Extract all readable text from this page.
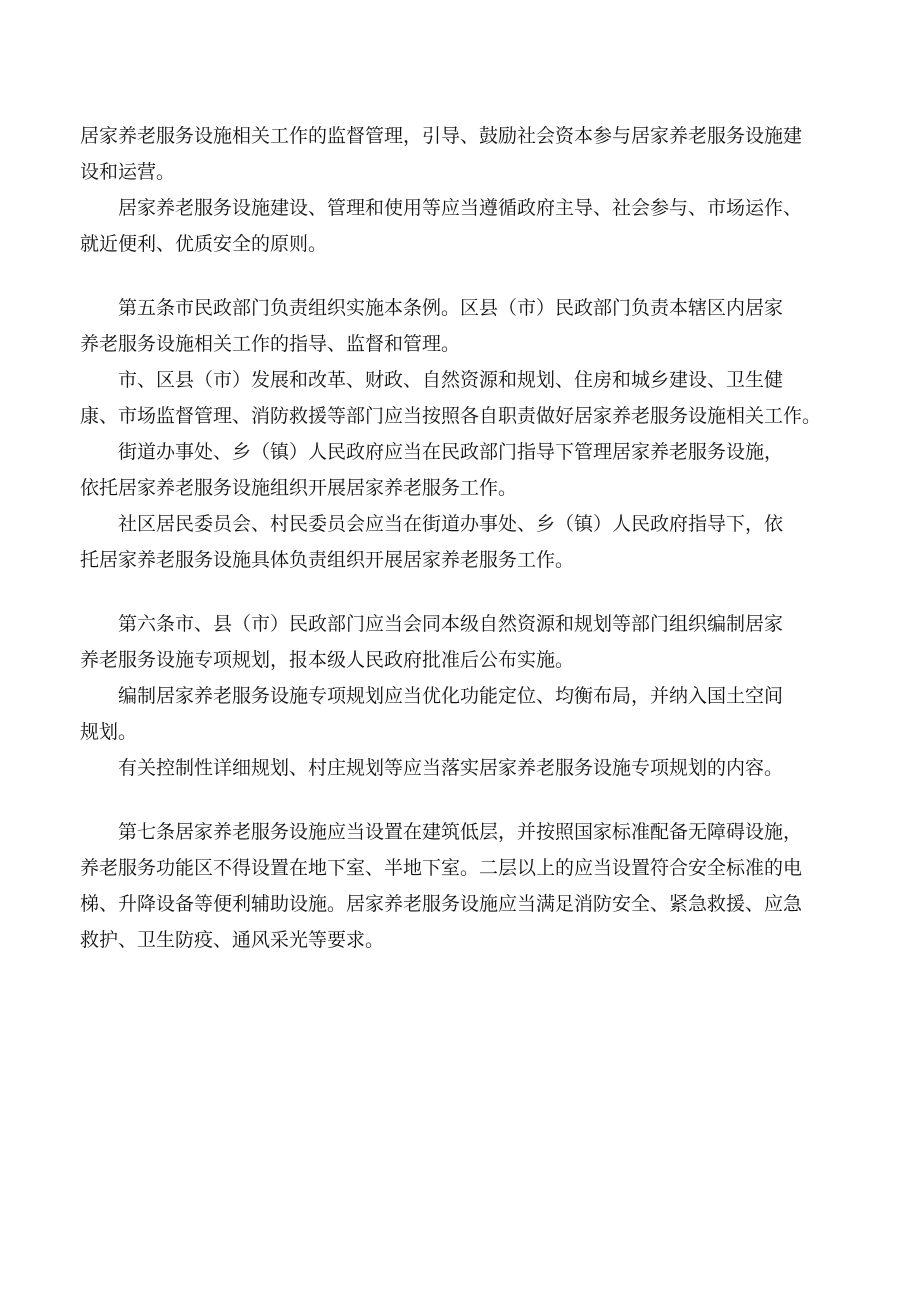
居家养老服务设施相关工作的监督管理，引导、鼓励社会资本参与居家养老服务设施建
设和运营。
居家养老服务设施建设、管理和使用等应当遵循政府主导、社会参与、市场运作、
就近便利、优质安全的原则。
第五条市民政部门负责组织实施本条例。区县（市）民政部门负责本辖区内居家
养老服务设施相关工作的指导、监督和管理。
市、区县（市）发展和改革、财政、自然资源和规划、住房和城乡建设、卫生健
康、市场监督管理、消防救援等部门应当按照各自职责做好居家养老服务设施相关工作。
街道办事处、乡（镇）人民政府应当在民政部门指导下管理居家养老服务设施，
依托居家养老服务设施组织开展居家养老服务工作。
社区居民委员会、村民委员会应当在街道办事处、乡（镇）人民政府指导下，依
托居家养老服务设施具体负责组织开展居家养老服务工作。
第六条市、县（市）民政部门应当会同本级自然资源和规划等部门组织编制居家
养老服务设施专项规划，报本级人民政府批准后公布实施。
编制居家养老服务设施专项规划应当优化功能定位、均衡布局，并纳入国土空间
规划。
有关控制性详细规划、村庄规划等应当落实居家养老服务设施专项规划的内容。
第七条居家养老服务设施应当设置在建筑低层，并按照国家标准配备无障碍设施，
养老服务功能区不得设置在地下室、半地下室。二层以上的应当设置符合安全标准的电
梯、升降设备等便利辅助设施。居家养老服务设施应当满足消防安全、紧急救援、应急
救护、卫生防疫、通风采光等要求。
